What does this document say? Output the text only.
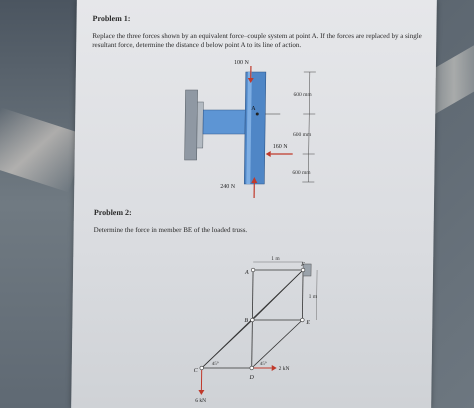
Problem 1:
Replace the three forces shown by an equivalent force–couple system at point A. If the forces are replaced by a single resultant force, determine the distance d below point A to its line of action.
A
100 N
160 N
240 N
600 mm
600 mm
600 mm
Problem 2:
Determine the force in member BE of the loaded truss.
1 m
1 m
A
F
B	E
C
D
45°	45°
2 kN
6 kN
